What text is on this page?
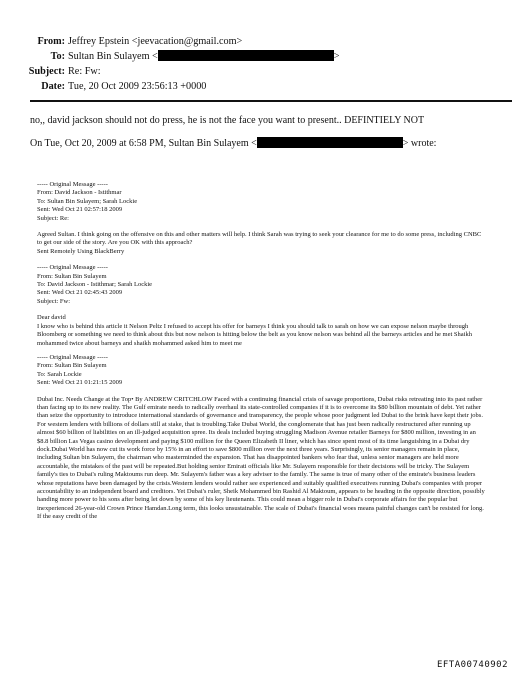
From: Jeffrey Epstein <jeevacation@gmail.com>
To: Sultan Bin Sulayem <	>
Subject: Re: Fw:
Date: Tue, 20 Oct 2009 23:56:13 +0000
no,, david jackson should not do press, he is not the face you want to present.. DEFINTIELY NOT
On Tue, Oct 20, 2009 at 6:58 PM, Sultan Bin Sulayem <	> wrote:

----- Original Message -----

From: David Jackson - Istithmar

To: Sultan Bin Sulayem; Sarah Lockie

Sent: Wed Oct 21 02:57:18 2009

Subject: Re:

Agreed Sultan. I think going on the offensive on this and other matters will help. I think Sarah was trying to seek your clearance for me to do some press, including CNBC to get our side of the story. Are you OK with this approach?

Sent Remotely Using BlackBerry

----- Original Message -----

From: Sultan Bin Sulayem

To: David Jackson - Istithmar; Sarah Lockie

Sent: Wed Oct 21 02:45:43 2009

Subject: Fw:

Dear david

I know who is behind this article it Nelson Peltz I refused to accept his offer for barneys I think you should talk to sarah on how we can expose nelson maybe through Bloomberg or something we need to think about this but now nelson is hitting below the belt as you know nelson was behind all the barneys articles and he met Shaikh mohammed twice about barneys and shaikh mohammed asked him to meet me

----- Original Message -----

From: Sultan Bin Sulayem

To: Sarah Lockie

Sent: Wed Oct 21 01:21:15 2009

Dubai Inc. Needs Change at the Top• By ANDREW CRITCHLOW Faced with a continuing financial crisis of savage proportions, Dubai risks retreating into its past rather than facing up to its new reality. The Gulf emirate needs to radically overhaul its state-controlled companies if it is to overcome its $80 billion mountain of debt. Yet rather than seize the opportunity to introduce international standards of governance and transparency, the people whose poor judgment led Dubai to the brink have kept their jobs. For western lenders with billions of dollars still at stake, that is troubling.Take Dubai World, the conglomerate that has just been radically restructured after running up almost $60 billion of liabilities on an ill-judged acquisition spree. Its deals included buying struggling Madison Avenue retailer Barneys for $800 million, investing in an $8.8 billion Las Vegas casino development and paying $100 million for the Queen Elizabeth II liner, which has since spent most of its time languishing in a Dubai dry dock.Dubai World has now cut its work force by 15% in an effort to save $800 million over the next three years. Surprisingly, its senior managers remain in place, including Sultan bin Sulayem, the chairman who masterminded the expansion. That has disappointed bankers who fear that, unless senior managers are held more accountable, the mistakes of the past will be repeated.But holding senior Emirati officials like Mr. Sulayem responsible for their decisions will be tricky. The Sulayem family's ties to Dubai's ruling Maktoums run deep. Mr. Sulayem's father was a key adviser to the family. The same is true of many other of the emirate's business leaders whose reputations have been damaged by the crisis.Western lenders would rather see experienced and suitably qualified executives running Dubai's companies with proper accountability to an independent board and creditors. Yet Dubai's ruler, Sheik Mohammed bin Rashid Al Maktoum, appears to be heading in the opposite direction, possibly handing more power to his sons after being let down by some of his key lieutenants. This could mean a bigger role in Dubai's corporate affairs for the popular but inexperienced 26-year-old Crown Prince Hamdan.Long term, this looks unsustainable. The scale of Dubai's financial woes means painful changes can't be resisted for long. If the easy credit of the

EFTA00740902
